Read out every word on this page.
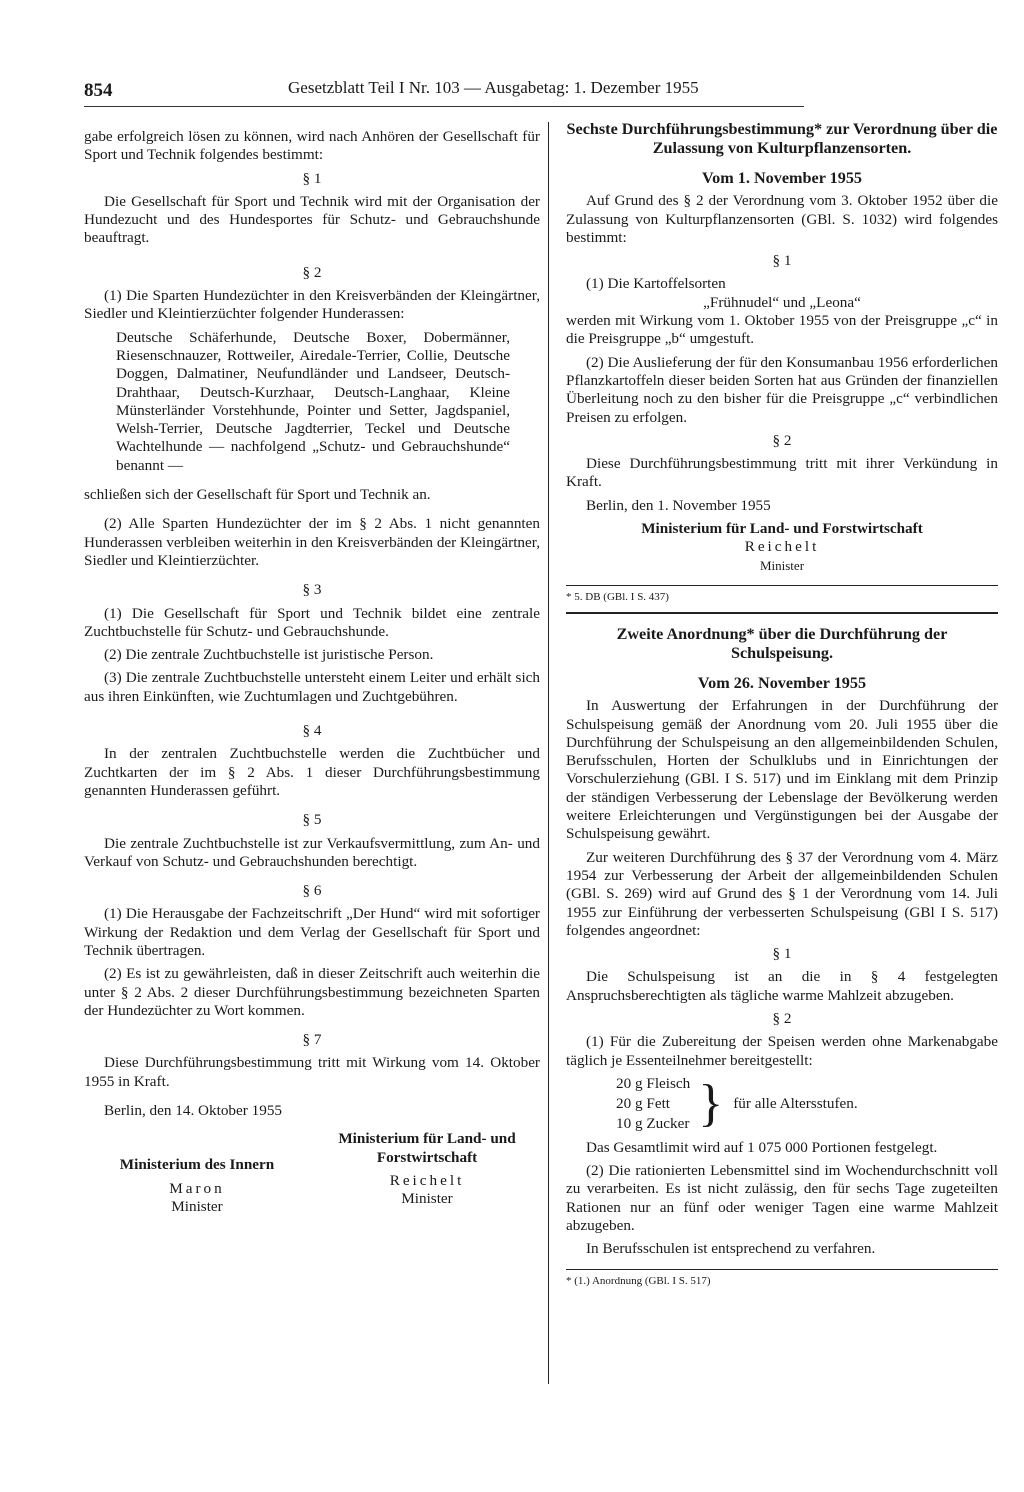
854	Gesetzblatt Teil I Nr. 103 — Ausgabetag: 1. Dezember 1955

gabe erfolgreich lösen zu können, wird nach Anhören der Gesellschaft für Sport und Technik folgendes bestimmt:

§ 1

Die Gesellschaft für Sport und Technik wird mit der Organisation der Hundezucht und des Hundesportes für Schutz- und Gebrauchshunde beauftragt.

§ 2

(1) Die Sparten Hundezüchter in den Kreisverbänden der Kleingärtner, Siedler und Kleintierzüchter folgender Hunderassen:

Deutsche Schäferhunde, Deutsche Boxer, Dobermänner, Riesenschnauzer, Rottweiler, Airedale-Terrier, Collie, Deutsche Doggen, Dalmatiner, Neufundländer und Landseer, Deutsch-Drahthaar, Deutsch-Kurzhaar, Deutsch-Langhaar, Kleine Münsterländer Vorstehhunde, Pointer und Setter, Jagdspaniel, Welsh-Terrier, Deutsche Jagdterrier, Teckel und Deutsche Wachtelhunde — nachfolgend „Schutz- und Gebrauchshunde“ benannt —

schließen sich der Gesellschaft für Sport und Technik an.

(2) Alle Sparten Hundezüchter der im § 2 Abs. 1 nicht genannten Hunderassen verbleiben weiterhin in den Kreisverbänden der Kleingärtner, Siedler und Kleintierzüchter.

§ 3

(1) Die Gesellschaft für Sport und Technik bildet eine zentrale Zuchtbuchstelle für Schutz- und Gebrauchshunde.

(2) Die zentrale Zuchtbuchstelle ist juristische Person.

(3) Die zentrale Zuchtbuchstelle untersteht einem Leiter und erhält sich aus ihren Einkünften, wie Zuchtumlagen und Zuchtgebühren.

§ 4

In der zentralen Zuchtbuchstelle werden die Zuchtbücher und Zuchtkarten der im § 2 Abs. 1 dieser Durchführungsbestimmung genannten Hunderassen geführt.

§ 5

Die zentrale Zuchtbuchstelle ist zur Verkaufsvermittlung, zum An- und Verkauf von Schutz- und Gebrauchshunden berechtigt.

§ 6

(1) Die Herausgabe der Fachzeitschrift „Der Hund“ wird mit sofortiger Wirkung der Redaktion und dem Verlag der Gesellschaft für Sport und Technik übertragen.

(2) Es ist zu gewährleisten, daß in dieser Zeitschrift auch weiterhin die unter § 2 Abs. 2 dieser Durchführungsbestimmung bezeichneten Sparten der Hundezüchter zu Wort kommen.

§ 7

Diese Durchführungsbestimmung tritt mit Wirkung vom 14. Oktober 1955 in Kraft.

Berlin, den 14. Oktober 1955

Ministerium des Innern

Maron

Minister

Ministerium für Land- und Forstwirtschaft

Reichelt

Minister

Sechste Durchführungsbestimmung* zur Verordnung über die Zulassung von Kulturpflanzensorten.

Vom 1. November 1955

Auf Grund des § 2 der Verordnung vom 3. Oktober 1952 über die Zulassung von Kulturpflanzensorten (GBl. S. 1032) wird folgendes bestimmt:

§ 1

(1) Die Kartoffelsorten

„Frühnudel“ und „Leona“

werden mit Wirkung vom 1. Oktober 1955 von der Preisgruppe „c“ in die Preisgruppe „b“ umgestuft.

(2) Die Auslieferung der für den Konsumanbau 1956 erforderlichen Pflanzkartoffeln dieser beiden Sorten hat aus Gründen der finanziellen Überleitung noch zu den bisher für die Preisgruppe „c“ verbindlichen Preisen zu erfolgen.

§ 2

Diese Durchführungsbestimmung tritt mit ihrer Verkündung in Kraft.

Berlin, den 1. November 1955

Ministerium für Land- und Forstwirtschaft

Reichelt

Minister

* 5. DB (GBl. I S. 437)

Zweite Anordnung* über die Durchführung der Schulspeisung.

Vom 26. November 1955

In Auswertung der Erfahrungen in der Durchführung der Schulspeisung gemäß der Anordnung vom 20. Juli 1955 über die Durchführung der Schulspeisung an den allgemeinbildenden Schulen, Berufsschulen, Horten der Schulklubs und in Einrichtungen der Vorschulerziehung (GBl. I S. 517) und im Einklang mit dem Prinzip der ständigen Verbesserung der Lebenslage der Bevölkerung werden weitere Erleichterungen und Vergünstigungen bei der Ausgabe der Schulspeisung gewährt.

Zur weiteren Durchführung des § 37 der Verordnung vom 4. März 1954 zur Verbesserung der Arbeit der allgemeinbildenden Schulen (GBl. S. 269) wird auf Grund des § 1 der Verordnung vom 14. Juli 1955 zur Einführung der verbesserten Schulspeisung (GBl I S. 517) folgendes angeordnet:

§ 1

Die Schulspeisung ist an die in § 4 festgelegten Anspruchsberechtigten als tägliche warme Mahlzeit abzugeben.

§ 2

(1) Für die Zubereitung der Speisen werden ohne Markenabgabe täglich je Essenteilnehmer bereitgestellt:

20 g Fleisch
20 g Fett
10 g Zucker } für alle Altersstufen.

Das Gesamtlimit wird auf 1 075 000 Portionen festgelegt.

(2) Die rationierten Lebensmittel sind im Wochendurchschnitt voll zu verarbeiten. Es ist nicht zulässig, den für sechs Tage zugeteilten Rationen nur an fünf oder weniger Tagen eine warme Mahlzeit abzugeben.

In Berufsschulen ist entsprechend zu verfahren.

* (1.) Anordnung (GBl. I S. 517)
